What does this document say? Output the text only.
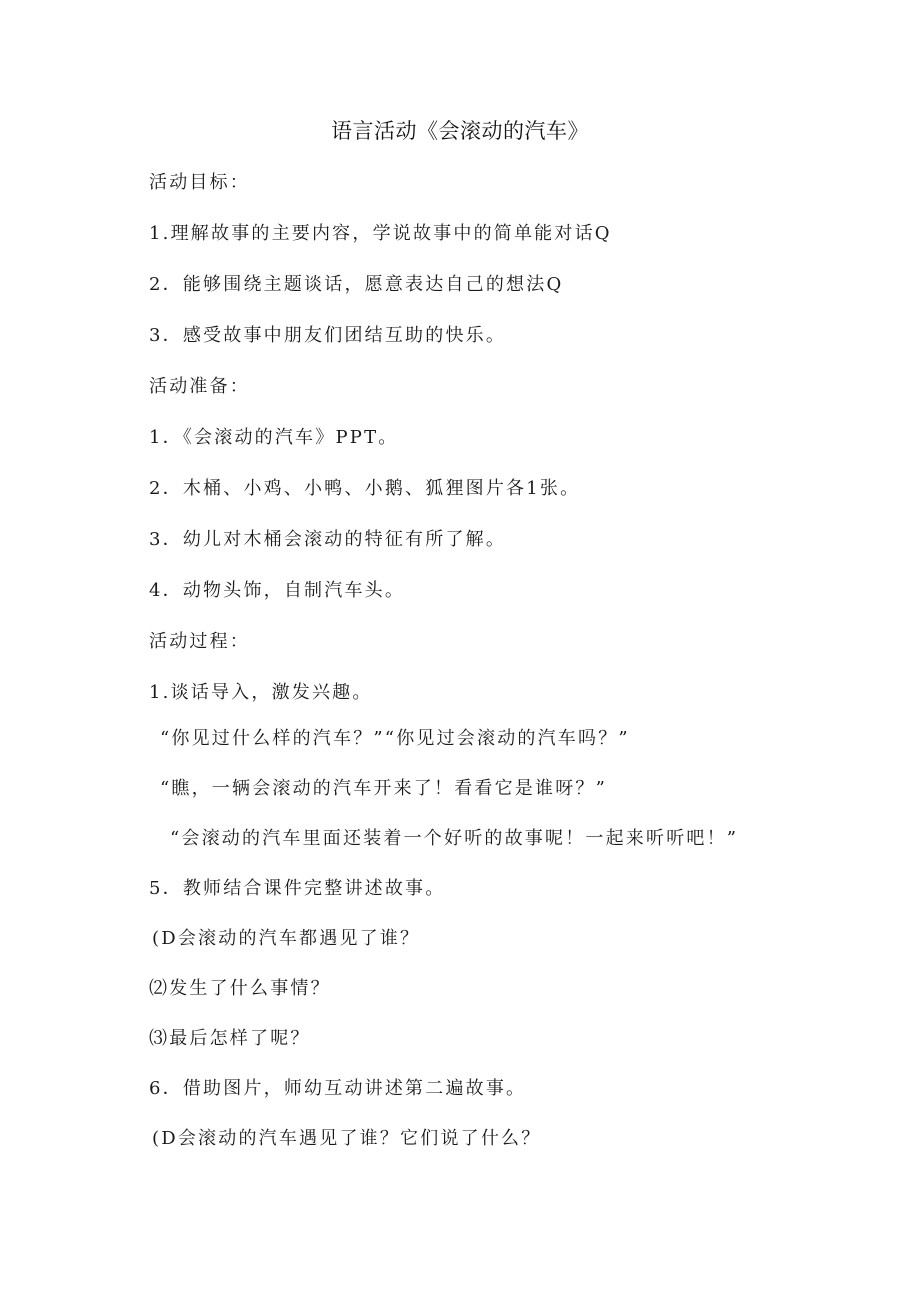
语言活动《会滚动的汽车》
活动目标：
1.理解故事的主要内容，学说故事中的简单能对话Q
2．能够围绕主题谈话，愿意表达自己的想法Q
3．感受故事中朋友们团结互助的快乐。
活动准备：
1．《会滚动的汽车》PPT。
2．木桶、小鸡、小鸭、小鹅、狐狸图片各1张。
3．幼儿对木桶会滚动的特征有所了解。
4．动物头饰，自制汽车头。
活动过程：
1.谈话导入，激发兴趣。
“你见过什么样的汽车？”“你见过会滚动的汽车吗？”
“瞧，一辆会滚动的汽车开来了！看看它是谁呀？”
“会滚动的汽车里面还装着一个好听的故事呢！一起来听听吧！”
5．教师结合课件完整讲述故事。
(D会滚动的汽车都遇见了谁？
⑵发生了什么事情？
⑶最后怎样了呢？
6．借助图片，师幼互动讲述第二遍故事。
(D会滚动的汽车遇见了谁？它们说了什么？
